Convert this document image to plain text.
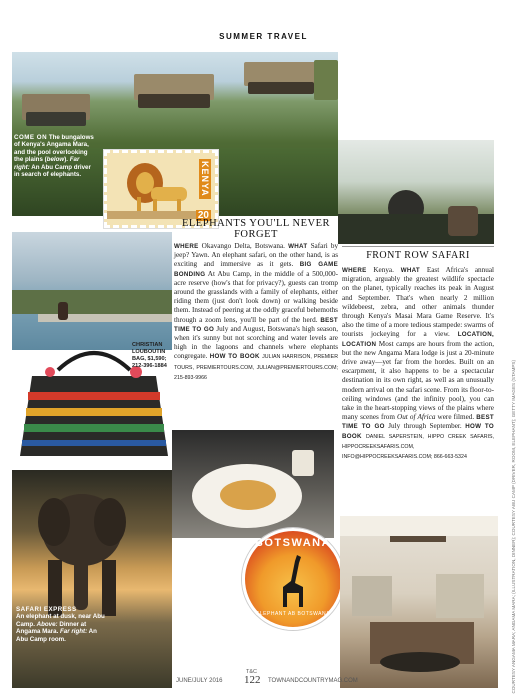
SUMMER TRAVEL
COME ON The bungalows of Kenya's Angama Mara, and the pool overlooking the plains (below). Far right: An Abu Camp driver in search of elephants.	KENYA
20
CHRISTIAN LOUBOUTIN
BAG, $1,590;
212-396-1884
ELEPHANTS YOU'LL NEVER FORGET
WHERE Okavango Delta, Botswana. WHAT Safari by jeep? Yawn. An elephant safari, on the other hand, is as exciting and immersive as it gets. BIG GAME BONDING At Abu Camp, in the middle of a 500,000-acre reserve (how's that for privacy?), guests can tromp around the grasslands with a family of elephants, either riding them (just don't look down) or walking beside them. Instead of peering at the oddly graceful behemoths through a zoom lens, you'll be part of the herd. BEST TIME TO GO July and August, Botswana's high season, when it's sunny but not scorching and water levels are high in the lagoons and channels where elephants congregate. HOW TO BOOK JULIAN HARRISON, PREMIER TOURS, PREMIERTOURS.COM, JULIAN@PREMIERTOURS.COM; 215-893-9966
FRONT ROW SAFARI
WHERE Kenya. WHAT East Africa's annual migration, arguably the greatest wildlife spectacle on the planet, typically reaches its peak in August and September. That's when nearly 2 million wildebeest, zebra, and other animals thunder through Kenya's Masai Mara Game Reserve. It's also the time of a more tedious stampede: swarms of tourists jockeying for a view. LOCATION, LOCATION Most camps are hours from the action, but the new Angama Mara lodge is just a 20-minute drive away—yet far from the hordes. Built on an escarpment, it also happens to be a spectacular destination in its own right, as well as an unusually modern arrival on the safari scene. From its floor-to-ceiling windows (and the infinity pool), you can take in the heart-stopping views of the plains where many scenes from Out of Africa were filmed. BEST TIME TO GO July through September. HOW TO BOOK DANIEL SAPERSTEIN, HIPPO CREEK SAFARIS, HIPPOCREEKSAFARIS.COM, INFO@HIPPOCREEKSAFARIS.COM; 866-663-5324
SAFARI EXPRESS
An elephant at dusk, near Abu Camp. Above: Dinner at Angama Mara. Far right: An Abu Camp room.
BOTSWANA
ELEPHANT AB BOTSWANA
JUNE/JULY 2016
T&C
122 TOWNANDCOUNTRYMAG.COM	COURTESY ANGAMA MARA; ANGAMA MARA; (ILLUSTRATION, DINNER); COURTESY ABU CAMP (DRIVER, ROOM, ELEPHANT); GETTY IMAGES (STAMPS)
